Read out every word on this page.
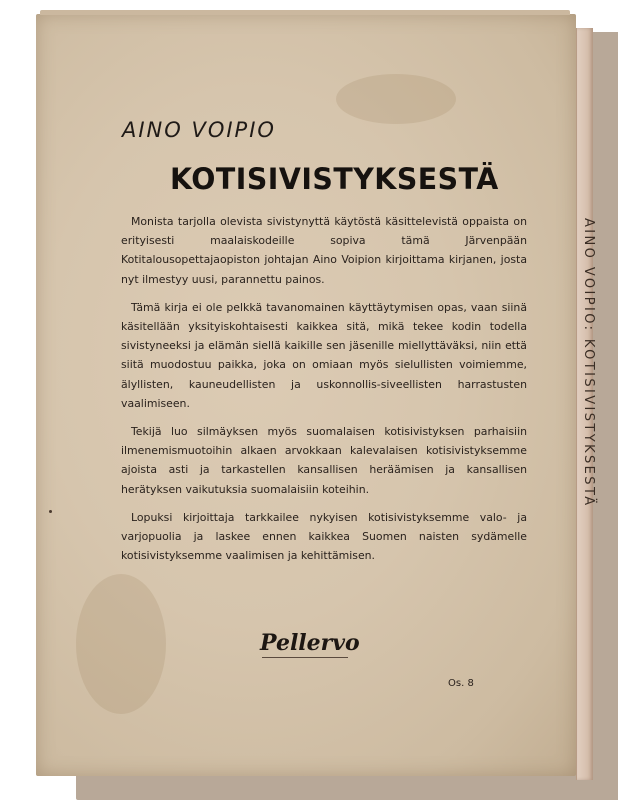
AINO VOIPIO: KOTISIVISTYKSESTÄ
AINO VOIPIO
KOTISIVISTYKSESTÄ

Monista tarjolla olevista sivistynyttä käytöstä käsittelevistä oppaista on erityisesti maalaiskodeille sopiva tämä Järvenpään Kotitalousopettajaopiston johtajan Aino Voipion kirjoittama kirjanen, josta nyt ilmestyy uusi, parannettu painos.

Tämä kirja ei ole pelkkä tavanomainen käyttäytymisen opas, vaan siinä käsitellään yksityiskohtaisesti kaikkea sitä, mikä tekee kodin todella sivistyneeksi ja elämän siellä kaikille sen jäsenille miellyttäväksi, niin että siitä muodostuu paikka, joka on omiaan myös sielullisten voimiemme, älyllisten, kauneudellisten ja uskonnollis-siveellisten harrastusten vaalimiseen.

Tekijä luo silmäyksen myös suomalaisen kotisivistyksen parhaisiin ilmenemismuotoihin alkaen arvokkaan kalevalaisen kotisivistyksemme ajoista asti ja tarkastellen kansallisen heräämisen ja kansallisen herätyksen vaikutuksia suomalaisiin koteihin.

Lopuksi kirjoittaja tarkkailee nykyisen kotisivistyksemme valo- ja varjopuolia ja laskee ennen kaikkea Suomen naisten sydämelle kotisivistyksemme vaalimisen ja kehittämisen.

Pellervo
Os. 8
